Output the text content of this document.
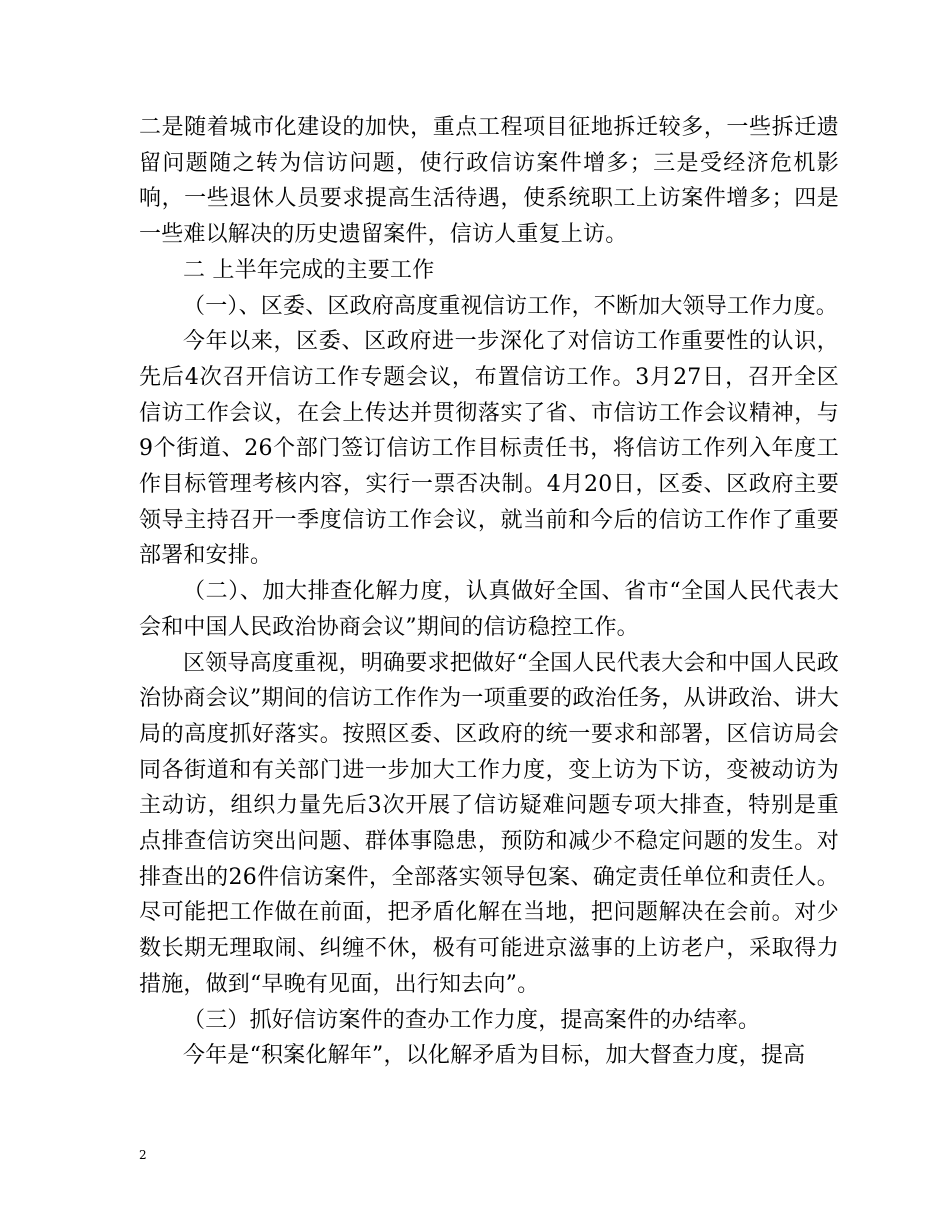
二是随着城市化建设的加快，重点工程项目征地拆迁较多，一些拆迁遗留问题随之转为信访问题，使行政信访案件增多；三是受经济危机影响，一些退休人员要求提高生活待遇，使系统职工上访案件增多；四是一些难以解决的历史遗留案件，信访人重复上访。

二 上半年完成的主要工作

（一）、区委、区政府高度重视信访工作，不断加大领导工作力度。

今年以来，区委、区政府进一步深化了对信访工作重要性的认识，先后4次召开信访工作专题会议，布置信访工作。3月27日，召开全区信访工作会议，在会上传达并贯彻落实了省、市信访工作会议精神，与9个街道、26个部门签订信访工作目标责任书，将信访工作列入年度工作目标管理考核内容，实行一票否决制。4月20日，区委、区政府主要领导主持召开一季度信访工作会议，就当前和今后的信访工作作了重要部署和安排。

（二）、加大排查化解力度，认真做好全国、省市“全国人民代表大会和中国人民政治协商会议”期间的信访稳控工作。

区领导高度重视，明确要求把做好“全国人民代表大会和中国人民政治协商会议”期间的信访工作作为一项重要的政治任务，从讲政治、讲大局的高度抓好落实。按照区委、区政府的统一要求和部署，区信访局会同各街道和有关部门进一步加大工作力度，变上访为下访，变被动访为主动访，组织力量先后3次开展了信访疑难问题专项大排查，特别是重点排查信访突出问题、群体事隐患，预防和减少不稳定问题的发生。对排查出的26件信访案件，全部落实领导包案、确定责任单位和责任人。尽可能把工作做在前面，把矛盾化解在当地，把问题解决在会前。对少数长期无理取闹、纠缠不休，极有可能进京滋事的上访老户，采取得力措施，做到“早晚有见面，出行知去向”。

（三）抓好信访案件的查办工作力度，提高案件的办结率。

今年是“积案化解年”，以化解矛盾为目标，加大督查力度，提高

2
